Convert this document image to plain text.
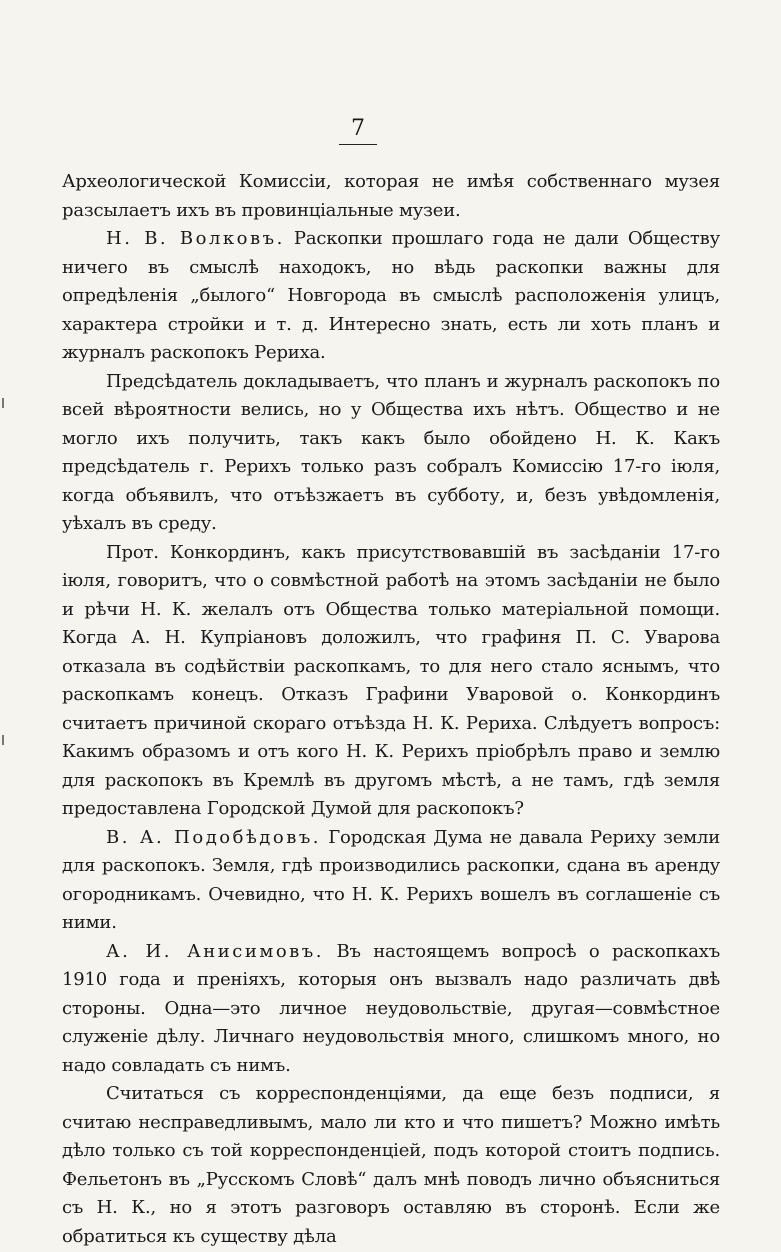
7

Археологической Комиссіи, которая не имѣя собственнаго музея разсылаетъ ихъ въ провинціальные музеи.

Н. В. Волковъ. Раскопки прошлаго года не дали Обществу ничего въ смыслѣ находокъ, но вѣдь раскопки важны для опредѣленія „былого“ Новгорода въ смыслѣ расположенія улицъ, характера стройки и т. д. Интересно знать, есть ли хоть планъ и журналъ раскопокъ Рериха.

Предсѣдатель докладываетъ, что планъ и журналъ раскопокъ по всей вѣроятности велись, но у Общества ихъ нѣтъ. Общество и не могло ихъ получить, такъ какъ было обойдено Н. К. Какъ предсѣдатель г. Рерихъ только разъ собралъ Комиссію 17-го іюля, когда объявилъ, что отъѣзжаетъ въ субботу, и, безъ увѣдомленія, уѣхалъ въ среду.

Прот. Конкординъ, какъ присутствовавшій въ засѣданіи 17-го іюля, говоритъ, что о совмѣстной работѣ на этомъ засѣданіи не было и рѣчи Н. К. желалъ отъ Общества только матеріальной помощи. Когда А. Н. Купріановъ доложилъ, что графиня П. С. Уварова отказала въ содѣйствіи раскопкамъ, то для него стало яснымъ, что раскопкамъ конецъ. Отказъ Графини Уваровой о. Конкординъ считаетъ причиной скораго отъѣзда Н. К. Рериха. Слѣдуетъ вопросъ: Какимъ образомъ и отъ кого Н. К. Рерихъ пріобрѣлъ право и землю для раскопокъ въ Кремлѣ въ другомъ мѣстѣ, а не тамъ, гдѣ земля предоставлена Городской Думой для раскопокъ?

В. А. Подобѣдовъ. Городская Дума не давала Рериху земли для раскопокъ. Земля, гдѣ производились раскопки, сдана въ аренду огородникамъ. Очевидно, что Н. К. Рерихъ вошелъ въ соглашеніе съ ними.

А. И. Анисимовъ. Въ настоящемъ вопросѣ о раскопкахъ 1910 года и преніяхъ, которыя онъ вызвалъ надо различать двѣ стороны. Одна—это личное неудовольствіе, другая—совмѣстное служеніе дѣлу. Личнаго неудовольствія много, слишкомъ много, но надо совладать съ нимъ.

Считаться съ корреспонденціями, да еще безъ подписи, я считаю несправедливымъ, мало ли кто и что пишетъ? Можно имѣть дѣло только съ той корреспонденціей, подъ которой стоитъ подпись. Фельетонъ въ „Русскомъ Словѣ“ далъ мнѣ поводъ лично объясниться съ Н. К., но я этотъ разговоръ оставляю въ сторонѣ. Если же обратиться къ существу дѣла
